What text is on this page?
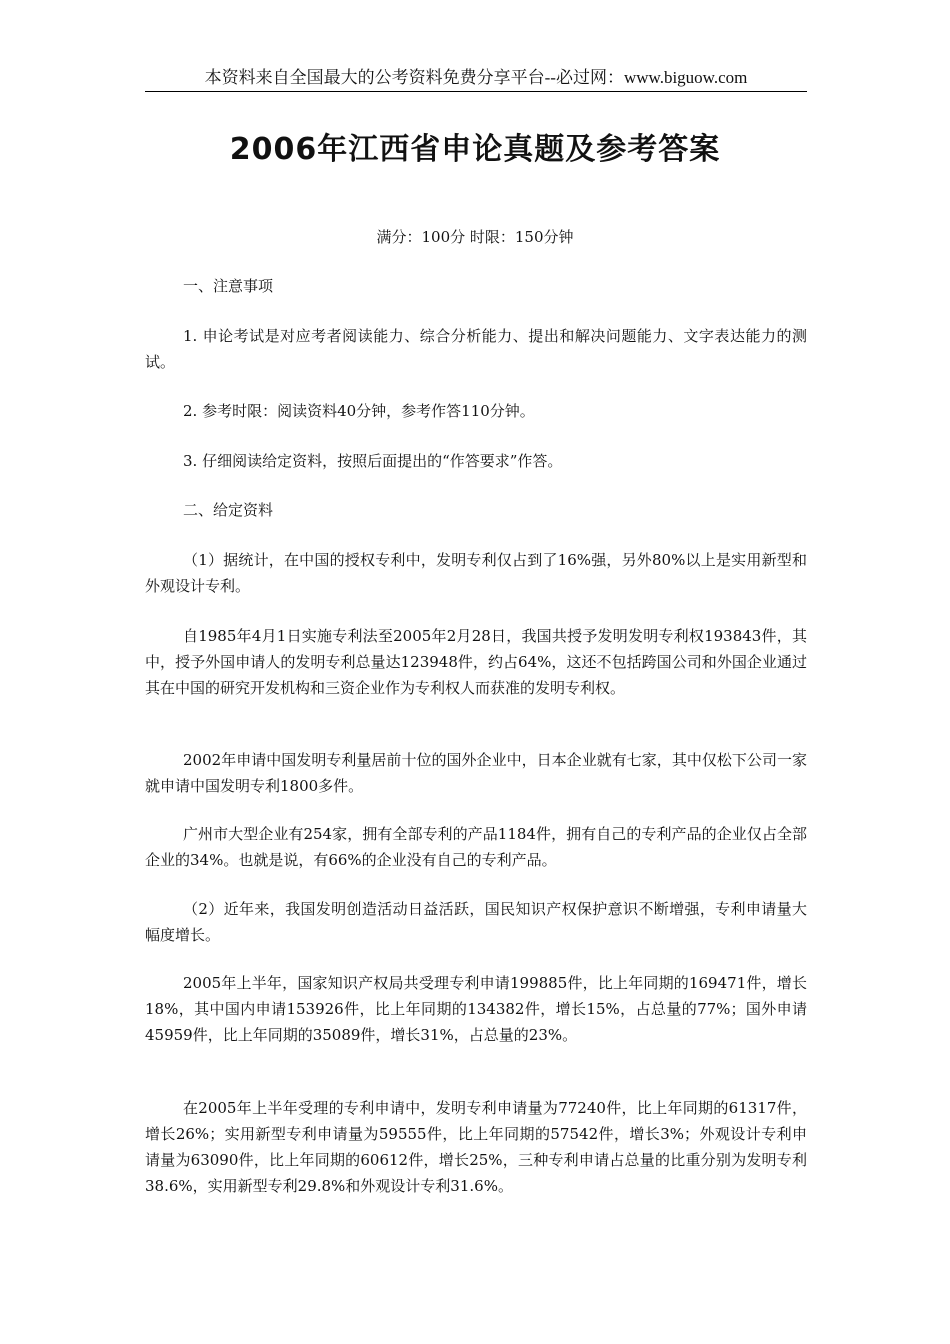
本资料来自全国最大的公考资料免费分享平台--必过网：www.biguow.com
2006年江西省申论真题及参考答案
满分：100分 时限：150分钟

一、注意事项

1. 申论考试是对应考者阅读能力、综合分析能力、提出和解决问题能力、文字表达能力的测试。

2. 参考时限：阅读资料40分钟，参考作答110分钟。

3. 仔细阅读给定资料，按照后面提出的“作答要求”作答。

二、给定资料

（1）据统计，在中国的授权专利中，发明专利仅占到了16%强，另外80%以上是实用新型和外观设计专利。

自1985年4月1日实施专利法至2005年2月28日，我国共授予发明发明专利权193843件，其中，授予外国申请人的发明专利总量达123948件，约占64%，这还不包括跨国公司和外国企业通过其在中国的研究开发机构和三资企业作为专利权人而获准的发明专利权。

2002年申请中国发明专利量居前十位的国外企业中，日本企业就有七家，其中仅松下公司一家就申请中国发明专利1800多件。

广州市大型企业有254家，拥有全部专利的产品1184件，拥有自己的专利产品的企业仅占全部企业的34%。也就是说，有66%的企业没有自己的专利产品。

（2）近年来，我国发明创造活动日益活跃，国民知识产权保护意识不断增强，专利申请量大幅度增长。

2005年上半年，国家知识产权局共受理专利申请199885件，比上年同期的169471件，增长18%，其中国内申请153926件，比上年同期的134382件，增长15%，占总量的77%；国外申请45959件，比上年同期的35089件，增长31%，占总量的23%。

在2005年上半年受理的专利申请中，发明专利申请量为77240件，比上年同期的61317件，增长26%；实用新型专利申请量为59555件，比上年同期的57542件，增长3%；外观设计专利申请量为63090件，比上年同期的60612件，增长25%，三种专利申请占总量的比重分别为发明专利38.6%，实用新型专利29.8%和外观设计专利31.6%。
